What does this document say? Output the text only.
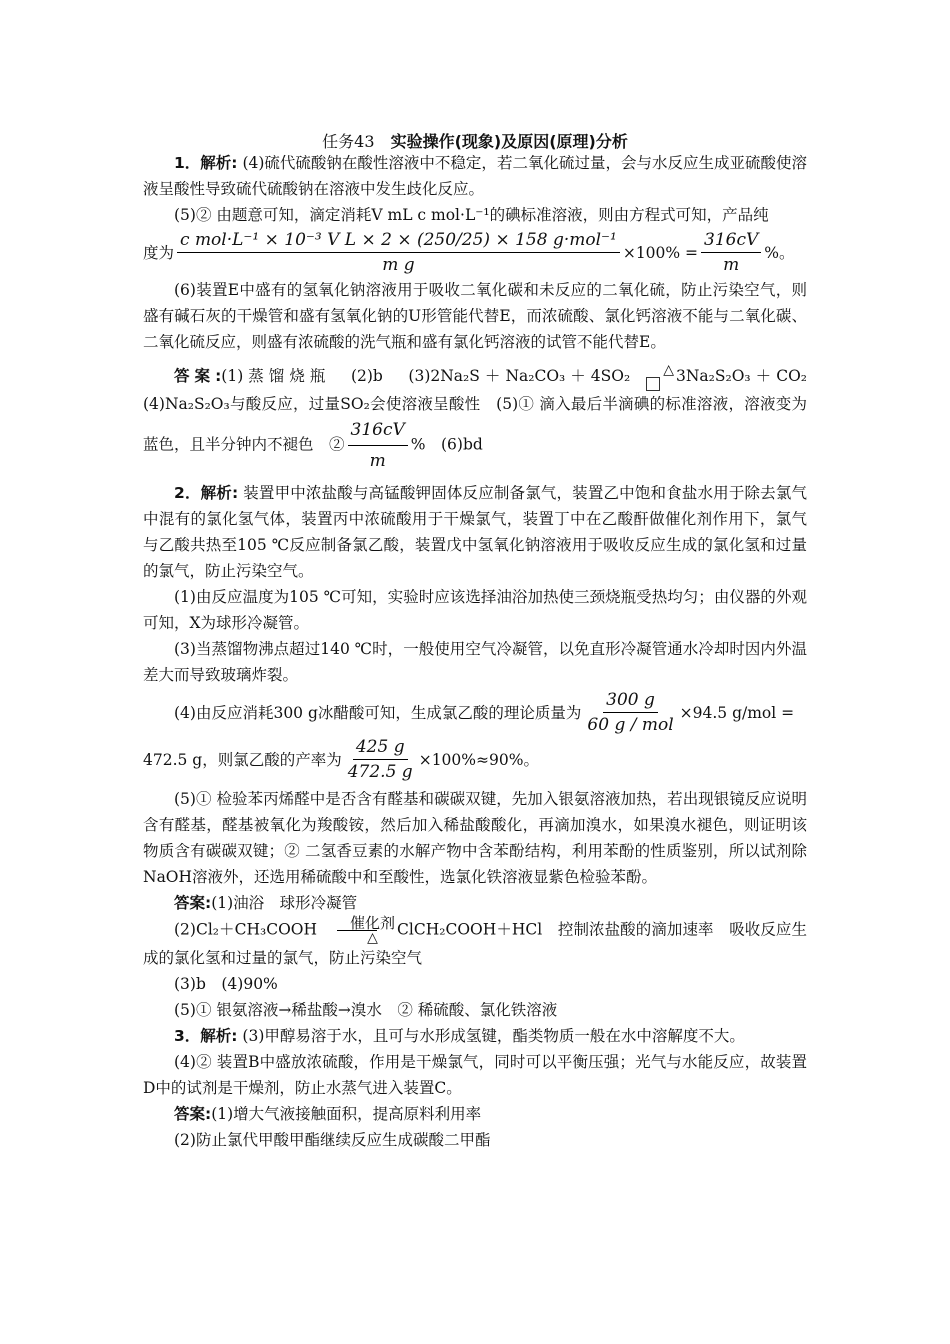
任务43　 实验操作(现象)及原因(原理)分析

1．解析: (4)硫代硫酸钠在酸性溶液中不稳定，若二氧化硫过量，会与水反应生成亚硫酸使溶液呈酸性导致硫代硫酸钠在溶液中发生歧化反应。

(5)② 由题意可知，滴定消耗V mL c mol·L⁻¹的碘标准溶液，则由方程式可知，产品纯

度为 $\frac{\text{c mol·L⁻¹ × 10⁻³ V L × 2 × (250/25) × 158 g·mol⁻¹}}{\text{m g}} \times 100\% = \frac{316cV}{m}$ %。

(6)装置E中盛有的氢氧化钠溶液用于吸收二氧化碳和未反应的二氧化硫，防止污染空气，则盛有碱石灰的干燥管和盛有氢氧化钠的U形管能代替E，而浓硫酸、氯化钙溶液不能与二氧化碳、二氧化硫反应，则盛有浓硫酸的洗气瓶和盛有氯化钙溶液的试管不能代替E。

答案:(1)蒸馏烧瓶　(2)b　(3)2Na₂S＋Na₂CO₃＋4SO₂	△ 3Na₂S₂O₃＋CO₂　(4)Na₂S₂O₃与酸反应，过量SO₂会使溶液呈酸性　(5)① 滴入最后半滴碘的标准溶液，溶液变为蓝色，且半分钟内不褪色　② $\frac{316cV}{m}$ %　(6)bd

2．解析: 装置甲中浓盐酸与高锰酸钾固体反应制备氯气，装置乙中饱和食盐水用于除去氯气中混有的氯化氢气体，装置丙中浓硫酸用于干燥氯气，装置丁中在乙酸酐做催化剂作用下，氯气与乙酸共热至105 ℃反应制备氯乙酸，装置戊中氢氧化钠溶液用于吸收反应生成的氯化氢和过量的氯气，防止污染空气。

(1)由反应温度为105 ℃可知，实验时应该选择油浴加热使三颈烧瓶受热均匀；由仪器的外观可知，X为球形冷凝管。

(3)当蒸馏物沸点超过140 ℃时，一般使用空气冷凝管，以免直形冷凝管通水冷却时因内外温差大而导致玻璃炸裂。

(4)由反应消耗300 g冰醋酸可知，生成氯乙酸的理论质量为 $\frac{300 g}{\text{60 g / mol}} \times 94.5$ g/mol =
472.5 g，则氯乙酸的产率为 $\frac{425 g}{472.5 g} \times 100\%\approx 90\%$。

(5)① 检验苯丙烯醛中是否含有醛基和碳碳双键，先加入银氨溶液加热，若出现银镜反应说明含有醛基，醛基被氧化为羧酸铵，然后加入稀盐酸酸化，再滴加溴水，如果溴水褪色，则证明该物质含有碳碳双键；② 二氢香豆素的水解产物中含苯酚结构，利用苯酚的性质鉴别，所以试剂除NaOH溶液外，还选用稀硫酸中和至酸性，选氯化铁溶液显紫色检验苯酚。

答案:(1)油浴　球形冷凝管

(2)Cl₂＋CH₃COOH	催化剂
△ ClCH₂COOH＋HCl　控制浓盐酸的滴加速率　吸收反应生成的氯化氢和过量的氯气，防止污染空气

(3)b　(4)90%

(5)① 银氨溶液→稀盐酸→溴水　② 稀硫酸、氯化铁溶液

3．解析: (3)甲醇易溶于水，且可与水形成氢键，酯类物质一般在水中溶解度不大。

(4)② 装置B中盛放浓硫酸，作用是干燥氯气，同时可以平衡压强；光气与水能反应，故装置D中的试剂是干燥剂，防止水蒸气进入装置C。

答案:(1)增大气液接触面积，提高原料利用率

(2)防止氯代甲酸甲酯继续反应生成碳酸二甲酯
